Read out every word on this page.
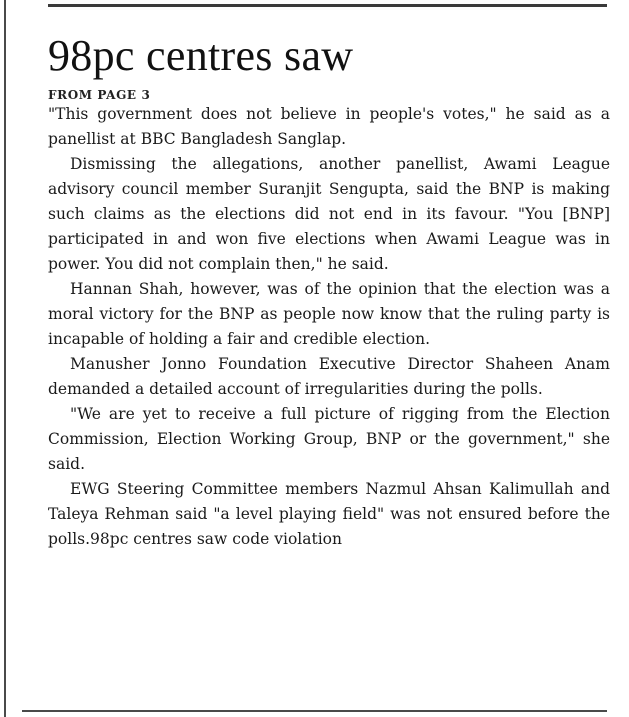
98pc centres saw
FROM PAGE 3

"This government does not believe in people's votes," he said as a panellist at BBC Bangladesh Sanglap.

Dismissing the allegations, another panellist, Awami League advisory council member Suranjit Sengupta, said the BNP is making such claims as the elections did not end in its favour. "You [BNP] participated in and won five elections when Awami League was in power. You did not complain then," he said.

Hannan Shah, however, was of the opinion that the election was a moral victory for the BNP as people now know that the ruling party is incapable of holding a fair and credible election.

Manusher Jonno Foundation Executive Director Shaheen Anam demanded a detailed account of irregularities during the polls.

"We are yet to receive a full picture of rigging from the Election Commission, Election Working Group, BNP or the government," she said.

EWG Steering Committee members Nazmul Ahsan Kalimullah and Taleya Rehman said "a level playing field" was not ensured before the polls.98pc centres saw code violation
